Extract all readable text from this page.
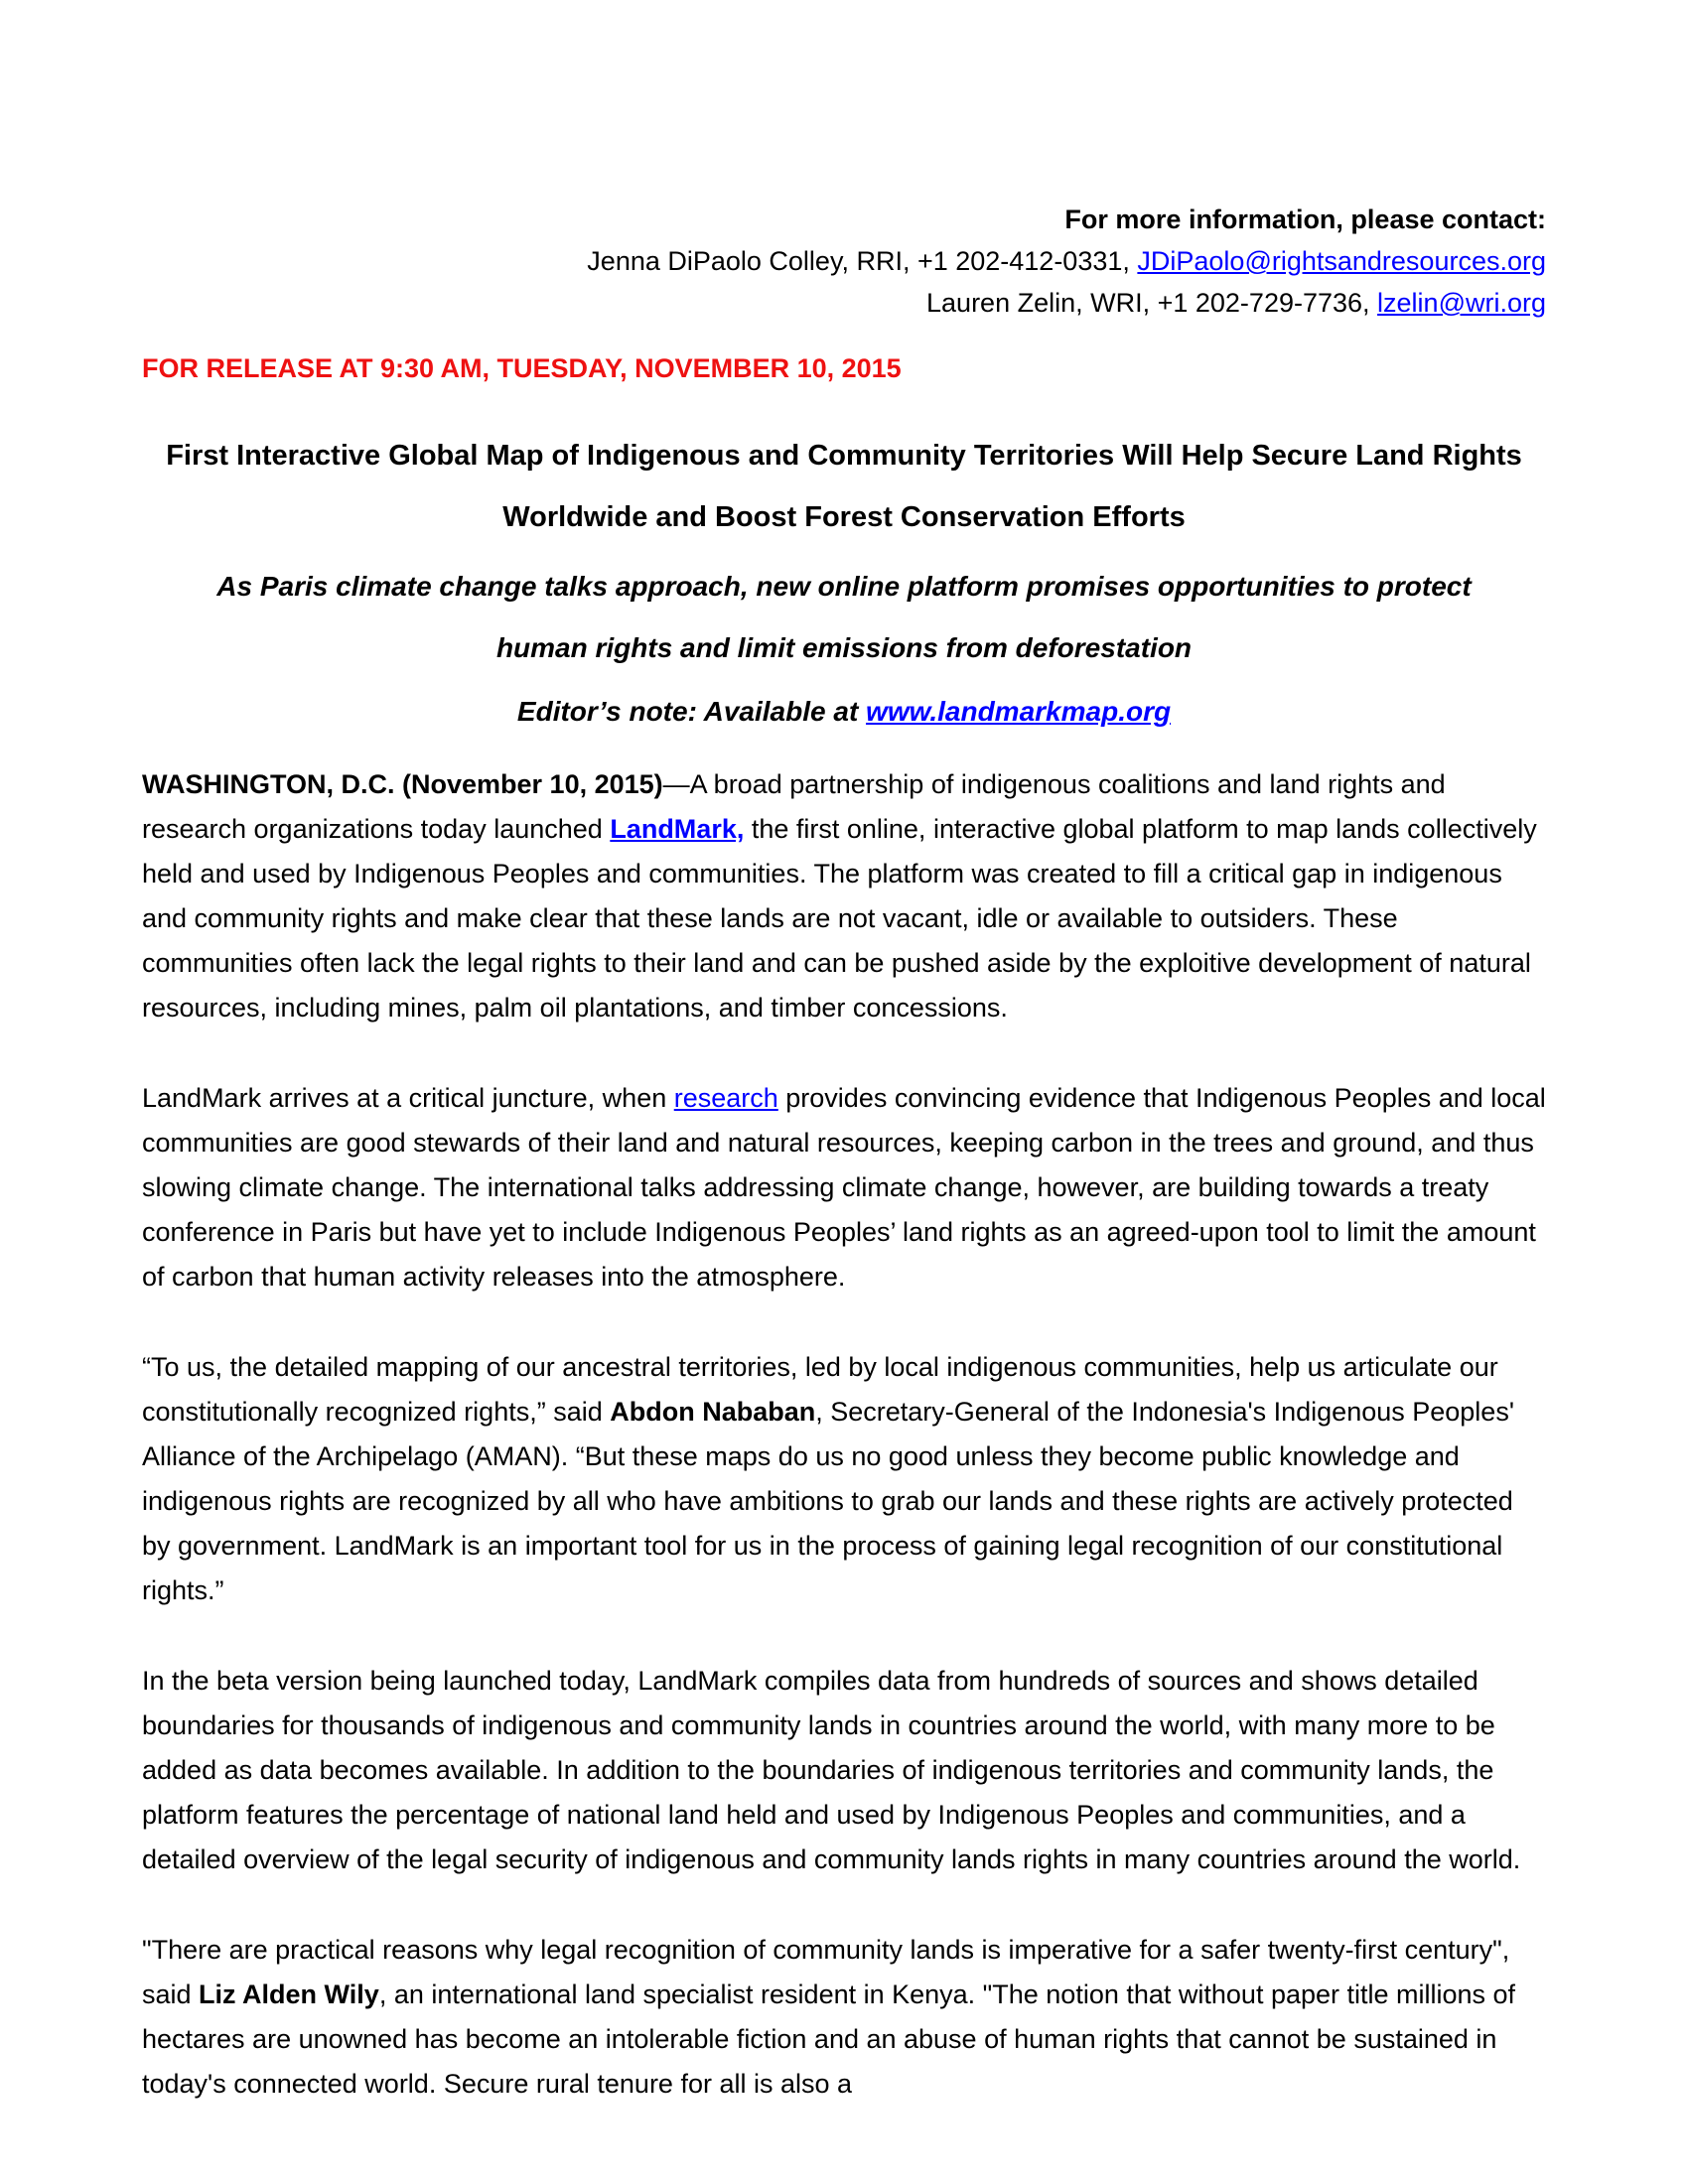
For more information, please contact:
Jenna DiPaolo Colley, RRI, +1 202-412-0331, JDiPaolo@rightsandresources.org
Lauren Zelin, WRI, +1 202-729-7736, lzelin@wri.org
FOR RELEASE AT 9:30 AM, TUESDAY, NOVEMBER 10, 2015
First Interactive Global Map of Indigenous and Community Territories Will Help Secure Land Rights Worldwide and Boost Forest Conservation Efforts
As Paris climate change talks approach, new online platform promises opportunities to protect human rights and limit emissions from deforestation
Editor’s note: Available at www.landmarkmap.org

WASHINGTON, D.C. (November 10, 2015)—A broad partnership of indigenous coalitions and land rights and research organizations today launched LandMark, the first online, interactive global platform to map lands collectively held and used by Indigenous Peoples and communities. The platform was created to fill a critical gap in indigenous and community rights and make clear that these lands are not vacant, idle or available to outsiders. These communities often lack the legal rights to their land and can be pushed aside by the exploitive development of natural resources, including mines, palm oil plantations, and timber concessions.

LandMark arrives at a critical juncture, when research provides convincing evidence that Indigenous Peoples and local communities are good stewards of their land and natural resources, keeping carbon in the trees and ground, and thus slowing climate change. The international talks addressing climate change, however, are building towards a treaty conference in Paris but have yet to include Indigenous Peoples’ land rights as an agreed-upon tool to limit the amount of carbon that human activity releases into the atmosphere.

“To us, the detailed mapping of our ancestral territories, led by local indigenous communities, help us articulate our constitutionally recognized rights,” said Abdon Nababan, Secretary-General of the Indonesia's Indigenous Peoples' Alliance of the Archipelago (AMAN). “But these maps do us no good unless they become public knowledge and indigenous rights are recognized by all who have ambitions to grab our lands and these rights are actively protected by government. LandMark is an important tool for us in the process of gaining legal recognition of our constitutional rights.”

In the beta version being launched today, LandMark compiles data from hundreds of sources and shows detailed boundaries for thousands of indigenous and community lands in countries around the world, with many more to be added as data becomes available. In addition to the boundaries of indigenous territories and community lands, the platform features the percentage of national land held and used by Indigenous Peoples and communities, and a detailed overview of the legal security of indigenous and community lands rights in many countries around the world.

"There are practical reasons why legal recognition of community lands is imperative for a safer twenty-first century", said Liz Alden Wily, an international land specialist resident in Kenya. "The notion that without paper title millions of hectares are unowned has become an intolerable fiction and an abuse of human rights that cannot be sustained in today's connected world. Secure rural tenure for all is also a
